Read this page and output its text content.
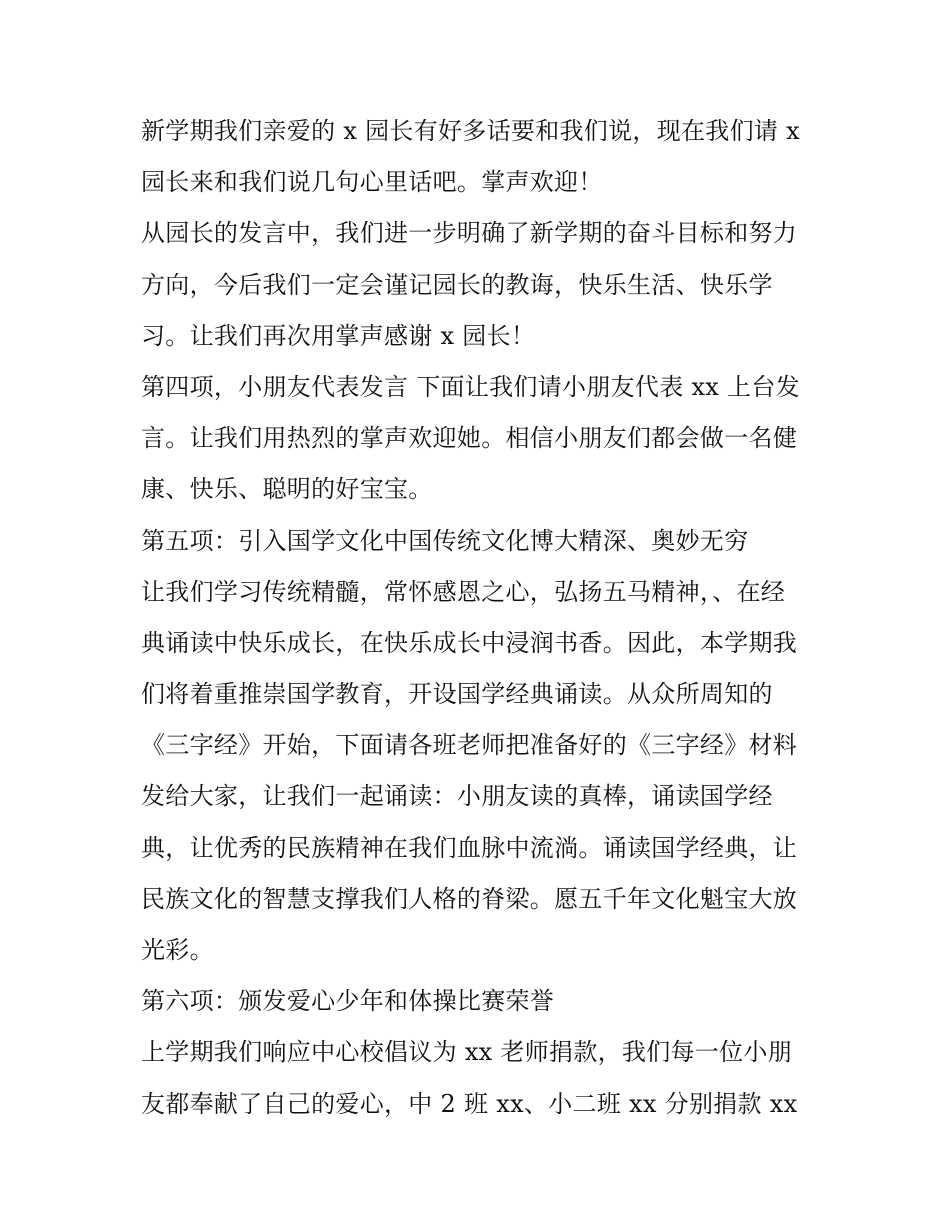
新学期我们亲爱的 x 园长有好多话要和我们说，现在我们请 x
园长来和我们说几句心里话吧。掌声欢迎！
从园长的发言中，我们进一步明确了新学期的奋斗目标和努力
方向，今后我们一定会谨记园长的教诲，快乐生活、快乐学
习。让我们再次用掌声感谢 x 园长！
第四项，小朋友代表发言 下面让我们请小朋友代表 xx 上台发
言。让我们用热烈的掌声欢迎她。相信小朋友们都会做一名健
康、快乐、聪明的好宝宝。
第五项：引入国学文化中国传统文化博大精深、奥妙无穷
让我们学习传统精髓，常怀感恩之心，弘扬五马精神，、在经
典诵读中快乐成长，在快乐成长中浸润书香。因此，本学期我
们将着重推崇国学教育，开设国学经典诵读。从众所周知的
《三字经》开始，下面请各班老师把准备好的《三字经》材料
发给大家，让我们一起诵读：小朋友读的真棒，诵读国学经
典，让优秀的民族精神在我们血脉中流淌。诵读国学经典，让
民族文化的智慧支撑我们人格的脊梁。愿五千年文化魁宝大放
光彩。
第六项：颁发爱心少年和体操比赛荣誉
上学期我们响应中心校倡议为 xx 老师捐款，我们每一位小朋
友都奉献了自己的爱心，中 2 班 xx、小二班 xx 分别捐款 xx
